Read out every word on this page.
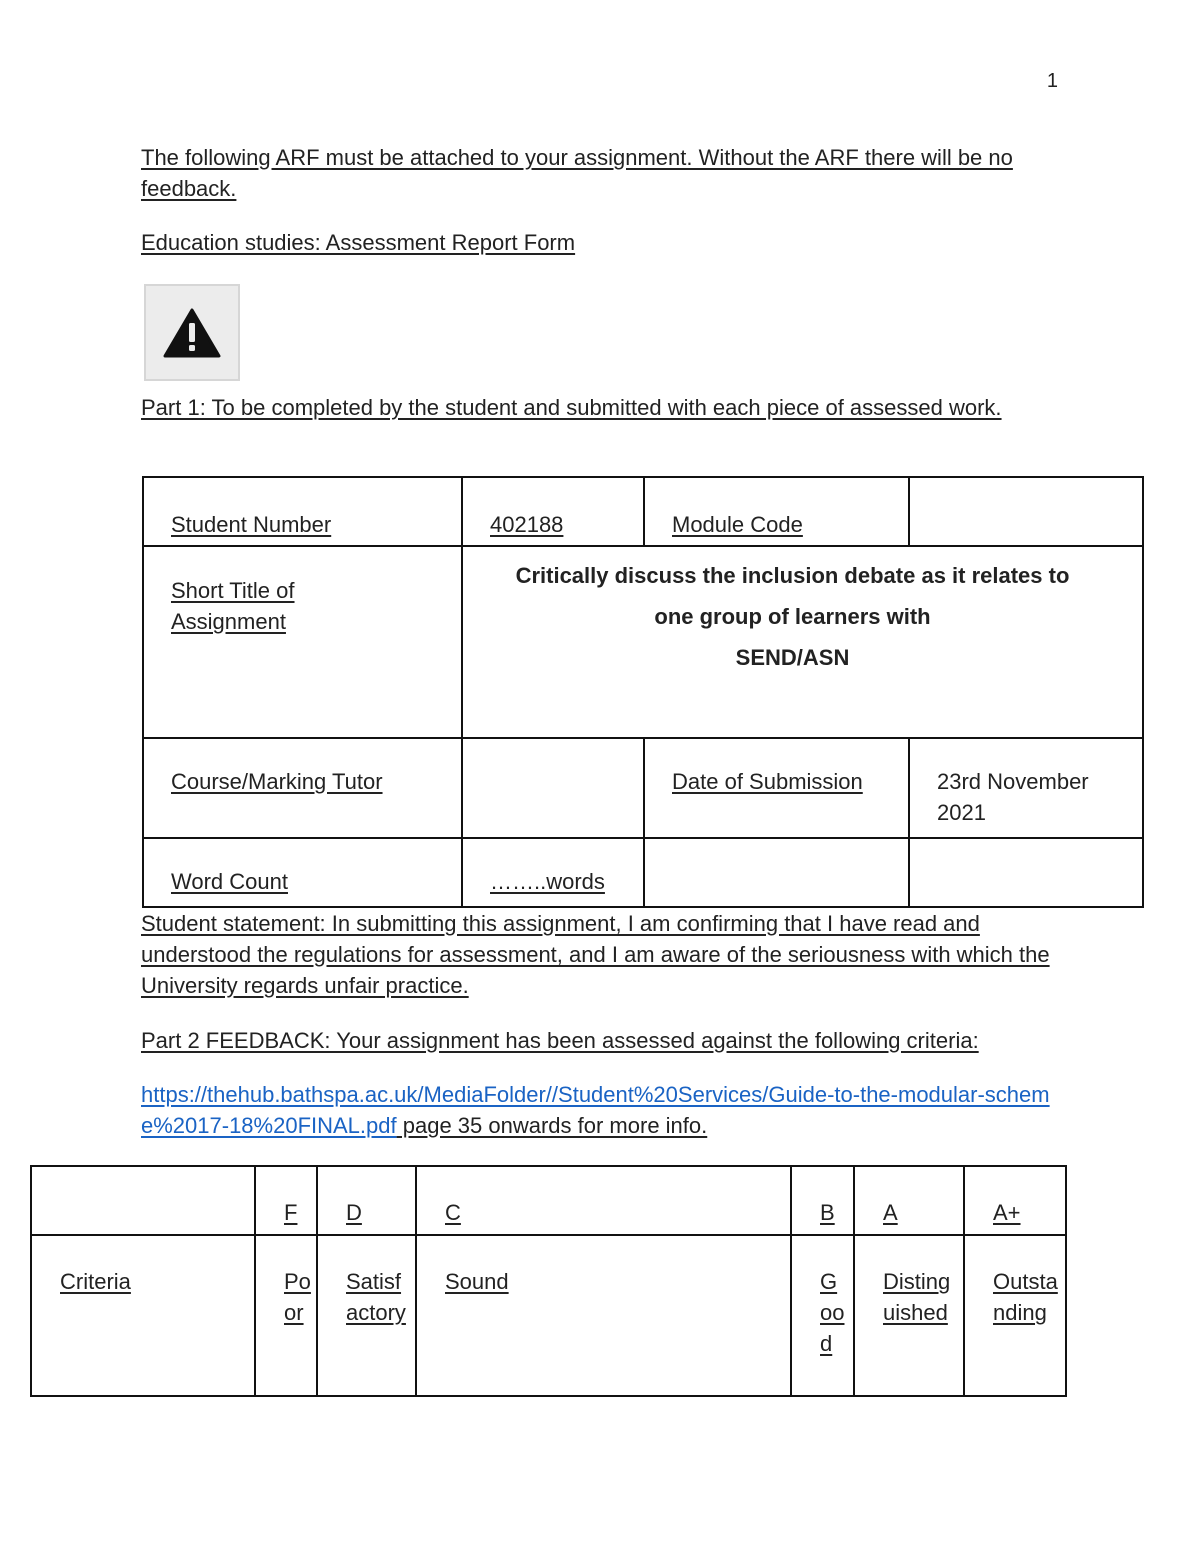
1
The following ARF must be attached to your assignment. Without the ARF there will be no feedback.
Education studies: Assessment Report Form
Part 1: To be completed by the student and submitted with each piece of assessed work.
Student Number	402188	Module Code	
Short Title of Assignment	Critically discuss the inclusion debate as it relates to
one group of learners with
SEND/ASN		

Course/Marking Tutor		Date of Submission	23rd November 2021
Word Count	……..words		
Student statement: In submitting this assignment, I am confirming that I have read and understood the regulations for assessment, and I am aware of the seriousness with which the University regards unfair practice.
Part 2 FEEDBACK: Your assignment has been assessed against the following criteria:
https://thehub.bathspa.ac.uk/MediaFolder//Student%20Services/Guide-to-the-modular-scheme%2017-18%20FINAL.pdf page 35 onwards for more info.
	F	D	C	B	A	A+
Criteria	Poor	Satisfactory	Sound	Good	Distinguished	Outstanding
